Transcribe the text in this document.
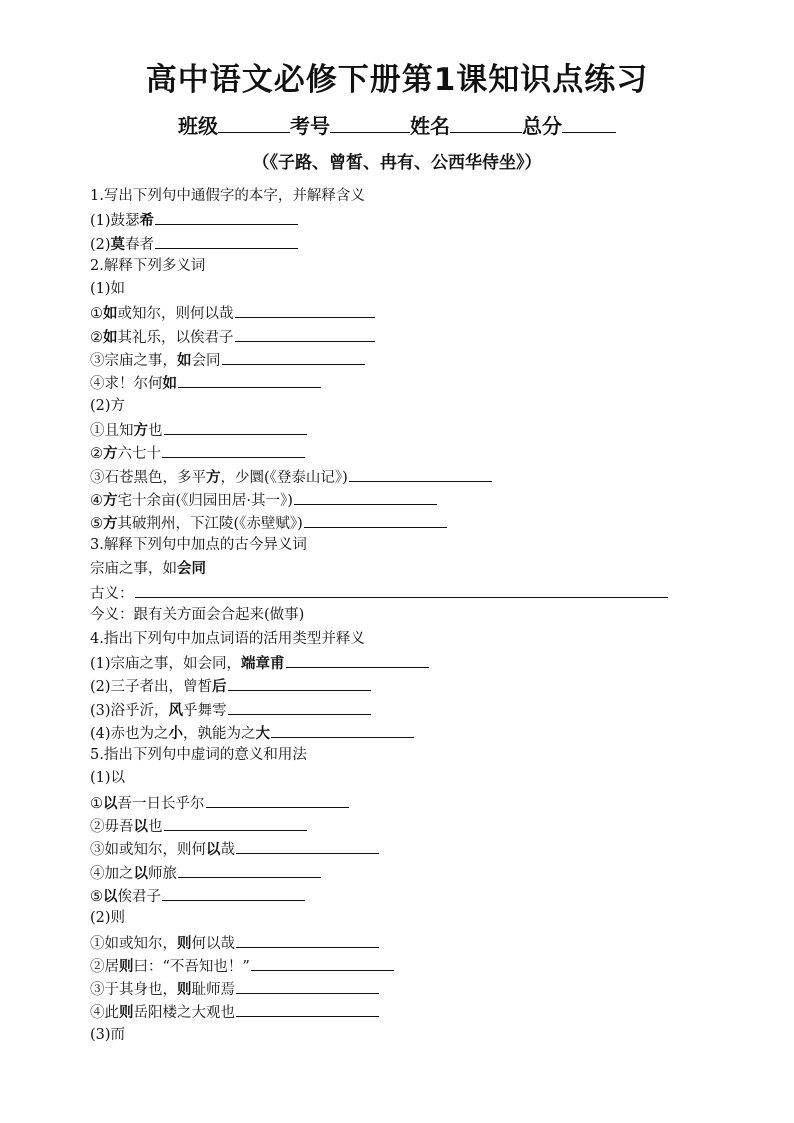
高中语文必修下册第1课知识点练习
班级	考号	姓名	总分
（《子路、曾皙、冉有、公西华侍坐》）
1.写出下列句中通假字的本字，并解释含义
(1)鼓瑟希
(2)莫春者
2.解释下列多义词
(1)如
①如或知尔，则何以哉
②如其礼乐，以俟君子
③宗庙之事，如会同
④求！尔何如
(2)方
①且知方也
②方六七十
③石苍黑色，多平方，少圜(《登泰山记》)
④方宅十余亩(《归园田居·其一》)
⑤方其破荆州，下江陵(《赤壁赋》)
3.解释下列句中加点的古今异义词
宗庙之事，如会同
古义：
今义：跟有关方面会合起来(做事)
4.指出下列句中加点词语的活用类型并释义
(1)宗庙之事，如会同，端章甫
(2)三子者出，曾皙后
(3)浴乎沂，风乎舞雩
(4)赤也为之小，孰能为之大
5.指出下列句中虚词的意义和用法
(1)以
①以吾一日长乎尔
②毋吾以也
③如或知尔，则何以哉
④加之以师旅
⑤以俟君子
(2)则
①如或知尔，则何以哉
②居则曰：“不吾知也！”
③于其身也，则耻师焉
④此则岳阳楼之大观也
(3)而
